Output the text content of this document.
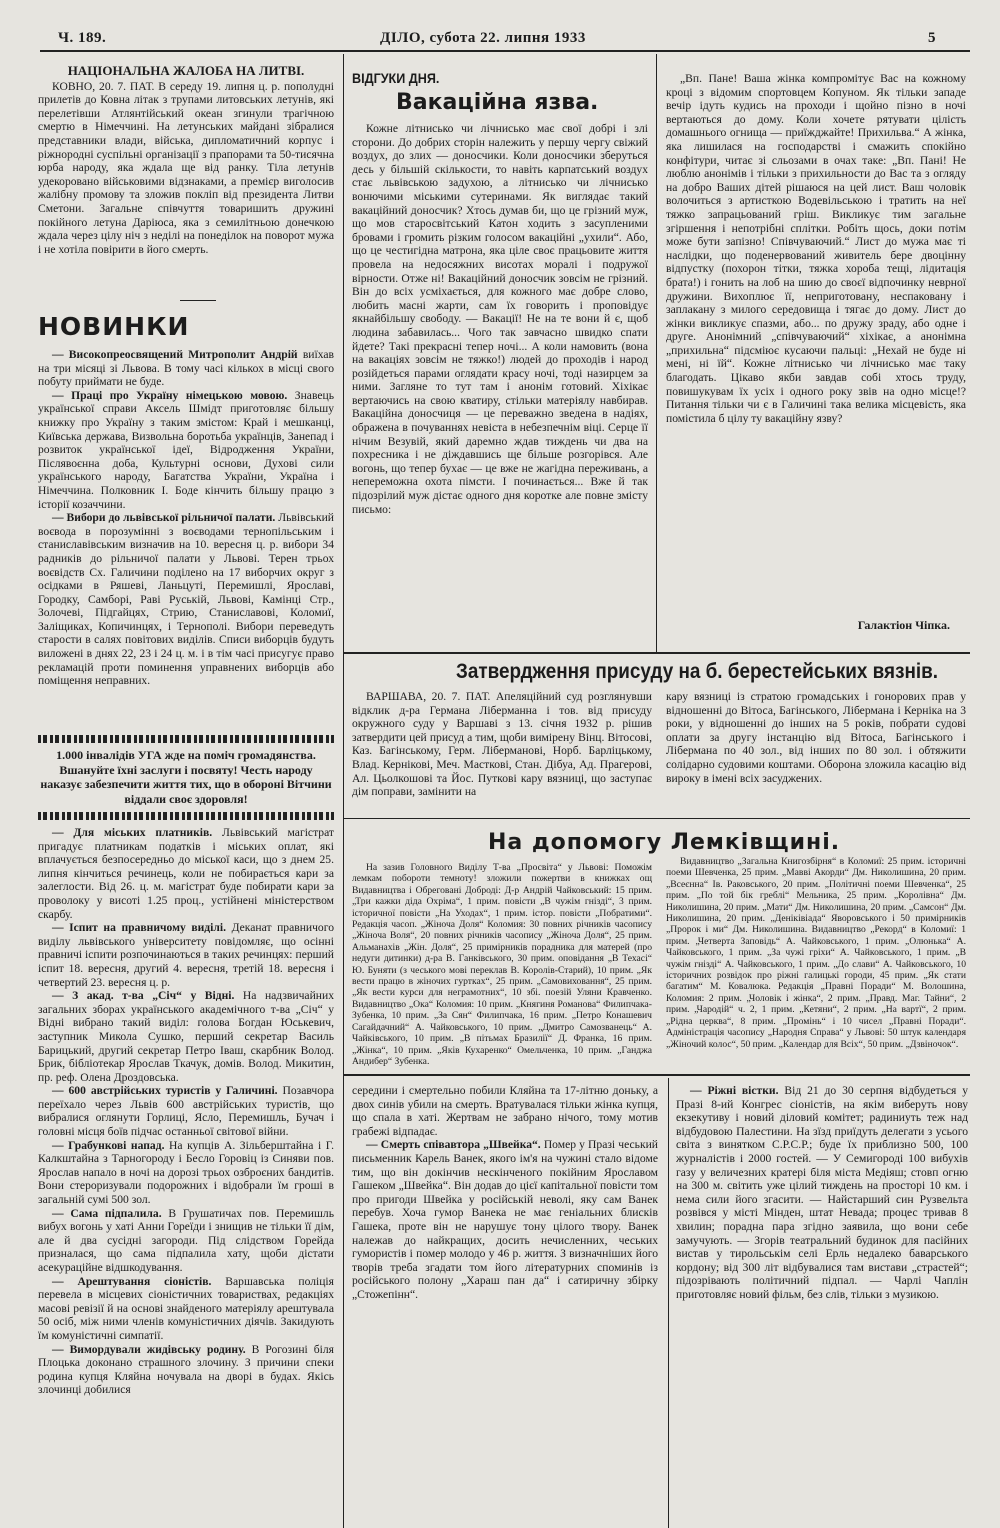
Ч. 189.	ДІЛО, субота 22. липня 1933	5
НАЦІОНАЛЬНА ЖАЛОБА НА ЛИТВІ.

КОВНО, 20. 7. ПАТ. В середу 19. липня ц. р. пополудні прилетів до Ковна літак з трупами литовських летунів, які перелетівши Атлянтійський океан згинули трагічною смертю в Німеччині. На летунських майдані зібралися представники влади, війська, дипломатичний корпус і ріжнородні суспільні організації з прапорами та 50-тисячна юрба народу, яка ждала ще від ранку. Тіла летунів удекоровано військовими відзнаками, а премієр виголосив жалібну промову та зложив покліп від президента Литви Сметони. Загальне співчуття товаришить дружині покійного летуна Даріюса, яка з семилітньою донечкою ждала через цілу ніч з неділі на понеділок на поворот мужа і не хотіла повірити в його смерть.

НОВИНКИ

— Високопреосвящений Митрополит Андрій виїхав на три місяці зі Львова. В тому часі кількох в місці свого побуту приймати не буде.

— Праці про Україну німецькою мовою. Знавець української справи Аксель Шмідт приготовляє більшу книжку про Україну з таким змістом: Край і мешканці, Київська держава, Визвольна боротьба українців, Занепад і розвиток української ідеї, Відродження України, Післявоєнна доба, Культурні основи, Духові сили українського народу, Багатства України, Україна і Німеччина. Полковник І. Боде кінчить більшу працю з історії козаччини.

— Вибори до львівської рільничої палати. Львівський воєвода в порозумінні з воєводами тернопільським і станиславівським визначив на 10. вересня ц. р. вибори 34 радників до рільничої палати у Львові. Терен трьох воєвідств Сх. Галичини поділено на 17 виборчих округ з осідками в Ряшеві, Ланьцуті, Перемишлі, Ярославі, Городку, Самборі, Раві Руській, Львові, Камінці Стр., Золочеві, Підгайцях, Стрию, Станиславові, Коломиї, Заліщиках, Копичинцях, і Тернополі. Вибори переведуть старости в салях повітових виділів. Списи виборців будуть виложені в днях 22, 23 і 24 ц. м. і в тім часі присугує право рекламацій проти поминення управнених виборців або поміщення неправних.

1.000 інвалідів УГА жде на поміч громадянства. Вшануйте їхні заслуги і посвяту! Честь народу наказує забезпечити життя тих, що в обороні Вітчини віддали своє здоровля!

— Для міських платників. Львівський магістрат пригадує платникам податків і міських оплат, які вплачується безпосередньо до міської каси, що з днем 25. липня кінчиться речинець, коли не побирається кари за залеглости. Від 26. ц. м. магістрат буде побирати кари за проволоку у висоті 1.25 проц., устійнені міністерством скарбу.

— Іспит на правничому виділі. Деканат правничого виділу львівського університету повідомляє, що осінні правничі іспити розпочинаються в таких речинцях: перший іспит 18. вересня, другий 4. вересня, третій 18. вересня і четвертий 23. вересня ц. р.

— З акад. т-ва „Січ“ у Відні. На надзвичайних загальних зборах українського академічного т-ва „Січ“ у Відні вибрано такий виділ: голова Богдан Юськевич, заступник Микола Сушко, перший секретар Василь Барицький, другий секретар Петро Іваш, скарбник Волод. Брик, бібліотекар Ярослав Ткачук, домів. Волод. Микитин, пр. реф. Олена Дроздовська.

— 600 австрійських туристів у Галичині. Позавчора переїхало через Львів 600 австрійських туристів, що вибралися оглянути Горлиці, Ясло, Перемишль, Бучач і головні місця боїв підчас останньої світової війни.

— Грабункові напад. На купців А. Зільберштайна і Г. Калкштайна з Тарногороду і Бесло Горовіц із Синяви пов. Ярослав напало в ночі на дорозі трьох озброєних бандитів. Вони стероризували подорожних і відобрали їм гроші в загальній сумі 500 зол.

— Сама підпалила. В Грушатичах пов. Перемишль вибух вогонь у хаті Анни Гореїди і знищив не тільки її дім, але й два сусідні загороди. Під слідством Горейда призналася, що сама підпалила хату, щоби дістати асекураційне відшкодування.

— Арештування сіоністів. Варшавська поліція перевела в місцевих сіоністичних товариствах, редакціях масові ревізії й на основі знайденого матеріялу арештувала 50 осіб, між ними членів комуністичних діячів. Закидують їм комуністичні симпатії.

— Вимордували жидівську родину. В Рогозині біля Плоцька доконано страшного злочину. З причини спеки родина купця Кляйна ночувала на дворі в будах. Якісь злочинці добилися

ВІДГУКИ ДНЯ.
Вакаційна язва.

Кожне літнисько чи лічнисько має свої добрі і злі сторони. До добрих сторін належить у першу чергу свіжий воздух, до злих — доносчики. Коли доносчики зберуться десь у більшій скількости, то навіть карпатський воздух стає львівською задухою, а літнисько чи лічнисько вонючими міськими сутеринами. Як виглядає такий вакаційний доносчик? Хтось думав би, що це грізний муж, що мов старосвітський Катон ходить з засупленими бровами і громить різким голосом вакаційні „ухили“. Або, що це честигідна матрона, яка ціле своє працьовите життя провела на недосяжних висотах моралі і подружої вірности. Отже ні! Вакаційний доносчик зовсім не грізний. Він до всіх усміхається, для кожного має добре слово, любить масні жарти, сам їх говорить і проповідує якнайбільшу свободу. — Вакації! Не на те вони й є, щоб людина забавилась... Чого так завчасно швидко спати йдете? Такі прекрасні тепер ночі... А коли намовить (вона на вакаціях зовсім не тяжко!) людей до проходів і народ розійдеться парами оглядати красу ночі, тоді назирцем за ними. Загляне то тут там і анонім готовий. Хіхікає вертаючись на свою кватиру, стільки матеріялу навбирав. Вакаційна доносчиця — це переважно зведена в надіях, ображена в почуваннях невіста в небезпечнім віці. Серце її нічим Везувій, який даремно ждав тиждень чи два на похресника і не діждавшись ще більше розгорівся. Але вогонь, що тепер бухає — це вже не жагідна переживань, а непереможна охота пімсти. І починається... Вже й так підозрілий муж дістає одного дня коротке але повне змісту письмо:

„Вп. Пане! Ваша жінка компромітує Вас на кожному кроці з відомим спортовцем Копуном. Як тільки западе вечір ідуть кудись на проходи і щойно пізно в ночі вертаються до дому. Коли хочете рятувати цілість домашнього огнища — приїжджайте! Прихильва.“ А жінка, яка лишилася на господарстві і смажить спокійно конфітури, читає зі сльозами в очах таке: „Вп. Пані! Не люблю анонімів і тільки з прихильности до Вас та з огляду на добро Ваших дітей рішаюся на цей лист. Ваш чоловік волочиться з артисткою Водевільською і тратить на неї тяжко запрацьований гріш. Викликує тим загальне згіршення і непотрібні сплітки. Робіть щось, доки потім може бути запізно! Співчуваючий.“ Лист до мужа має ті наслідки, що поденервований живитель бере двоцінну відпустку (похорон тітки, тяжка хороба тещі, лідитація брата!) і гонить на лоб на шию до своєї відпочинку неврної дружини. Вихоплює її, неприготовану, неспакованy і заплакану з милого середовища і тягає до дому. Лист до жінки викликує спазми, або... по дружу зраду, або одне і друге. Анонімний „співчуваючий“ хіхікає, а анонімна „прихильна“ підсміює кусаючи пальці: „Нехай не буде ні мені, ні їй“. Кожне літнисько чи лічнисько має таку благодать. Цікаво якби завдав собі хтось труду, повишукувам їх усіх і одного року звів на одно місце!? Питання тільки чи є в Галичині така велика місцевість, яка помістила б цілу ту вакаційну язву?

Галактіон Чіпка.
Затвердження присуду на б. берестейських вязнів.

ВАРШАВА, 20. 7. ПАТ. Апеляційний суд розглянувши відклик д-ра Германа Ліберманна і тов. від присуду окружного суду у Варшаві з 13. січня 1932 р. рішив затвердити цей присуд а тим, щоби вимірену Вінц. Вітосові, Каз. Багінському, Герм. Ліберманові, Норб. Барліцькому, Влад. Кернікові, Меч. Мастковi, Стан. Дібуа, Ад. Прагерові, Ал. Цьолкошові та Йос. Путкові кару вязниці, що заступає дім поправи, замінити на

кару вязниці із стратою громадських і гонорових прав у відношенні до Вітоса, Багінського, Лібермана і Керніка на 3 роки, у відношенні до інших на 5 років, побрати судові оплати за другу інстанцію від Вітоса, Багінського і Лібермана по 40 зол., від інших по 80 зол. і обтяжити солідарно судовими коштами. Оборона зложила касацію від вироку в імені всіх засуджених.

На допомогу Лемківщині.

На зазив Головного Виділу Т-ва „Просвіта“ у Львові: Поможім лемкам побороти темноту! зложили пожертви в книжках ощ Видавництва і Обреговані Доброді: Д-р Андрій Чайковський: 15 прим. „Три кажки діда Охріма“, 1 прим. повісти „В чужім гнізді“, 3 прим. історичної повісти „На Уходах“, 1 прим. істор. повісти „Побратими“. Редакція часоп. „Жіноча Доля“ Коломия: 30 повних річників часопису „Жіноча Воля“, 20 повних річників часопису „Жіноча Доля“, 25 прим. Альманахів „Жін. Доля“, 25 примірників порадника для матерей (про недуги дитинки) д-ра В. Ганківського, 30 прим. оповідання „В Техасі“ Ю. Буняти (з чеського мові переклав В. Королів-Старий), 10 прим. „Як вести працю в жіночих гуртках“, 25 прим. „Самовиховання“, 25 прим. „Як вести курси для неграмотних“, 10 збі. поезій Уляни Кравченко. Видавництво „Ока“ Коломия: 10 прим. „Княгиня Романова“ Филипчака-Зубенка, 10 прим. „За Сян“ Филипчака, 16 прим. „Петро Конашевич Сагайдачний“ А. Чайковського, 10 прим. „Дмитро Самозванець“ А. Чайківського, 10 прим. „В пітьмах Бразилії“ Д. Франка, 16 прим. „Жінка“, 10 прим. „Яків Кухаренко“ Омельченка, 10 прим. „Ганджа Андибер“ Зубенка.

Видавництво „Загальна Книгозбірня“ в Коломиї: 25 прим. історичні поеми Шевченка, 25 прим. „Мавві Акорди“ Дм. Николишина, 20 прим. „Всеєнна“ Ів. Раковського, 20 прим. „Політичні поеми Шевченка“, 25 прим. „По той бік греблі“ Мельника, 25 прим. „Королівна“ Дм. Николишина, 20 прим. „Мати“ Дм. Николишина, 20 прим. „Самсон“ Дм. Николишина, 20 прим. „Деніківіада“ Яворовського і 50 примірників „Пророк і ми“ Дм. Николишина. Видавництво „Рекорд“ в Коломиї: 1 прим. „Четверта Заповідь“ А. Чайковського, 1 прим. „Олюнька“ А. Чайковського, 1 прим. „За чужі гріхи“ А. Чайковського, 1 прим. „В чужім гнізді“ А. Чайковського, 1 прим. „До слави“ А. Чайковського, 10 історичних розвідок про ріжні галицькі городи, 45 прим. „Як стати багатим“ М. Ковалюка. Редакція „Правні Поради“ М. Волошина, Коломия: 2 прим. „Чоловік і жінка“, 2 прим. „Правд. Маг. Тайни“, 2 прим. „Чародій“ ч. 2, 1 прим. „Кетяни“, 2 прим. „На вартї“, 2 прим. „Рідна церква“, 8 прим. „Промінь“ і 10 чисел „Правні Поради“. Адміністрація часопису „Народня Справа“ у Львові: 50 штук календаря „Жіночий колос“, 50 прим. „Календар для Всіх“, 50 прим. „Дзвіночок“.

середини і смертельно побили Кляйна та 17-літню доньку, а двох синів убили на смерть. Вратувалася тільки жінка купця, що спала в хаті. Жертвам не забрано нічого, тому мотив грабежі відпадає.

— Смерть співавтора „Швейка“. Помер у Празі чеський письменник Карель Ванек, якого ім'я на чужині стало відоме тим, що він докінчив нескінченого покійним Ярославом Гашеком „Швейка“. Він додав до цієї капітальної повісти том про пригоди Швейка у російській неволі, яку сам Ванек перебув. Хоча гумор Ванека не має геніальних блисків Гашека, проте він не нарушує тону цілого твору. Ванек належав до найкращих, досить нечисленних, чеських гумористів і помер молодо у 46 р. життя. З визначніших його творів треба згадати том його літературних споминів із російського полону „Хараш пан да“ і сатиричну збірку „Стожепінн“.

— Ріжні вістки. Від 21 до 30 серпня відбудеться у Празі 8-ий Конгрес сіоністів, на якім виберуть нову екзекутиву і новий діловий комітет; радиниуть теж над відбудовою Палестини. На зїзд приїдуть делегати з усього світа з винятком С.Р.С.Р.; буде їх приблизно 500, 100 журналістів і 2000 гостей. — У Семигороді 100 вибухів газу у величезних кратері біля міста Медіяш; стовп огню на 300 м. світить уже цілий тиждень на просторі 10 км. і нема сили його згасити. — Найстарший син Рузвельта розвівся у місті Мінден, штат Невада; процес тривав 8 хвилин; порадна пара згідно заявила, що вони себе замучують. — Згорів театральний будинок для пасійних вистав у тирольськім селі Ерль недалеко баварського кордону; від 300 літ відбувалися там вистави „страстей“; підозрівають політичний підпал. — Чарлі Чаплін приготовляє новий фільм, без слів, тільки з музикою.
